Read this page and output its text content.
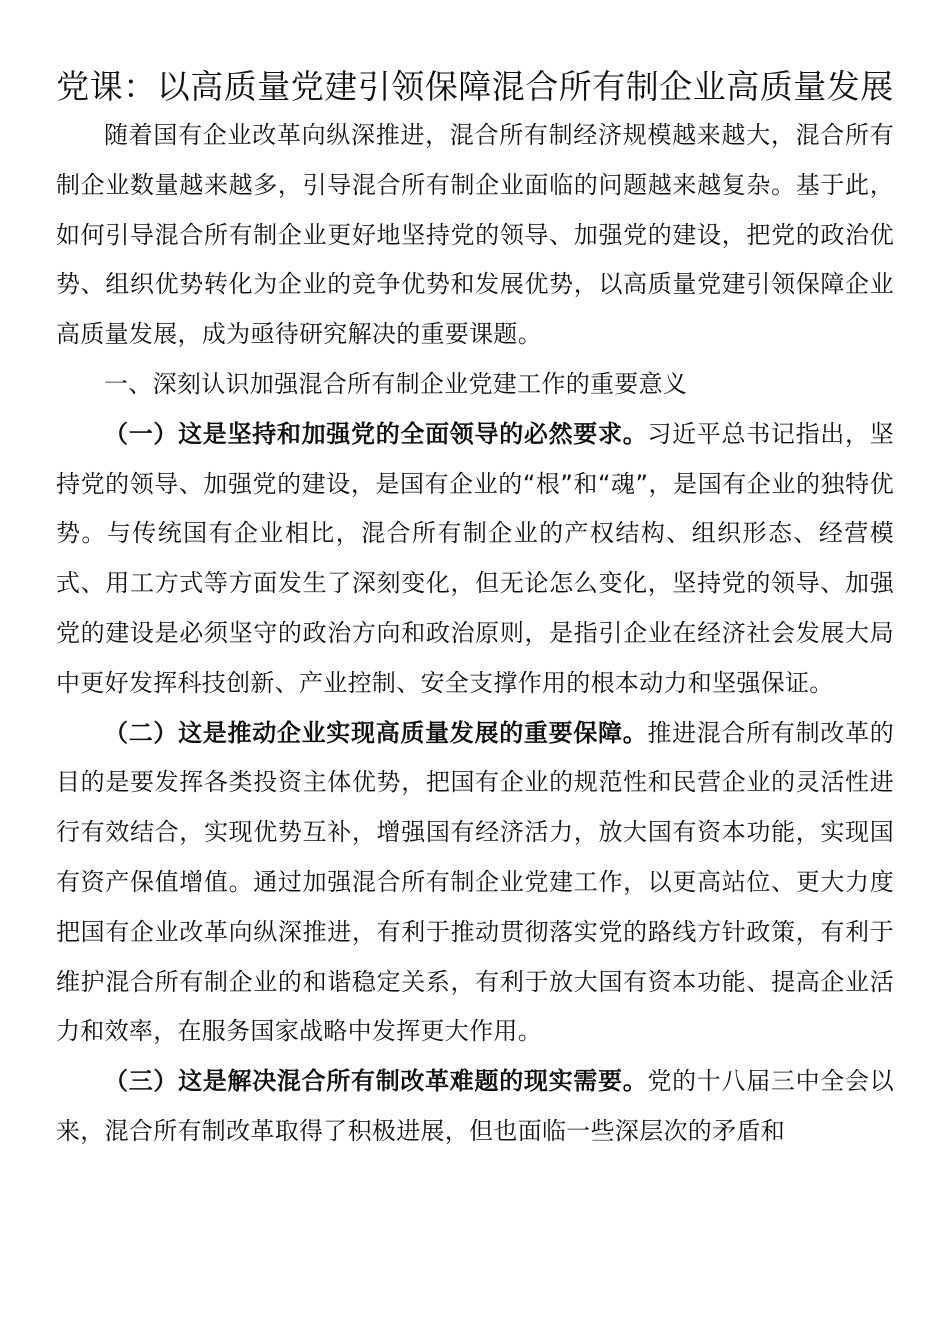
党课：以高质量党建引领保障混合所有制企业高质量发展

随着国有企业改革向纵深推进，混合所有制经济规模越来越大，混合所有制企业数量越来越多，引导混合所有制企业面临的问题越来越复杂。基于此，如何引导混合所有制企业更好地坚持党的领导、加强党的建设，把党的政治优势、组织优势转化为企业的竞争优势和发展优势，以高质量党建引领保障企业高质量发展，成为亟待研究解决的重要课题。

一、深刻认识加强混合所有制企业党建工作的重要意义

（一）这是坚持和加强党的全面领导的必然要求。习近平总书记指出，坚持党的领导、加强党的建设，是国有企业的“根”和“魂”，是国有企业的独特优势。与传统国有企业相比，混合所有制企业的产权结构、组织形态、经营模式、用工方式等方面发生了深刻变化，但无论怎么变化，坚持党的领导、加强党的建设是必须坚守的政治方向和政治原则，是指引企业在经济社会发展大局中更好发挥科技创新、产业控制、安全支撑作用的根本动力和坚强保证。

（二）这是推动企业实现高质量发展的重要保障。推进混合所有制改革的目的是要发挥各类投资主体优势，把国有企业的规范性和民营企业的灵活性进行有效结合，实现优势互补，增强国有经济活力，放大国有资本功能，实现国有资产保值增值。通过加强混合所有制企业党建工作，以更高站位、更大力度把国有企业改革向纵深推进，有利于推动贯彻落实党的路线方针政策，有利于维护混合所有制企业的和谐稳定关系，有利于放大国有资本功能、提高企业活力和效率，在服务国家战略中发挥更大作用。

（三）这是解决混合所有制改革难题的现实需要。党的十八届三中全会以来，混合所有制改革取得了积极进展，但也面临一些深层次的矛盾和
